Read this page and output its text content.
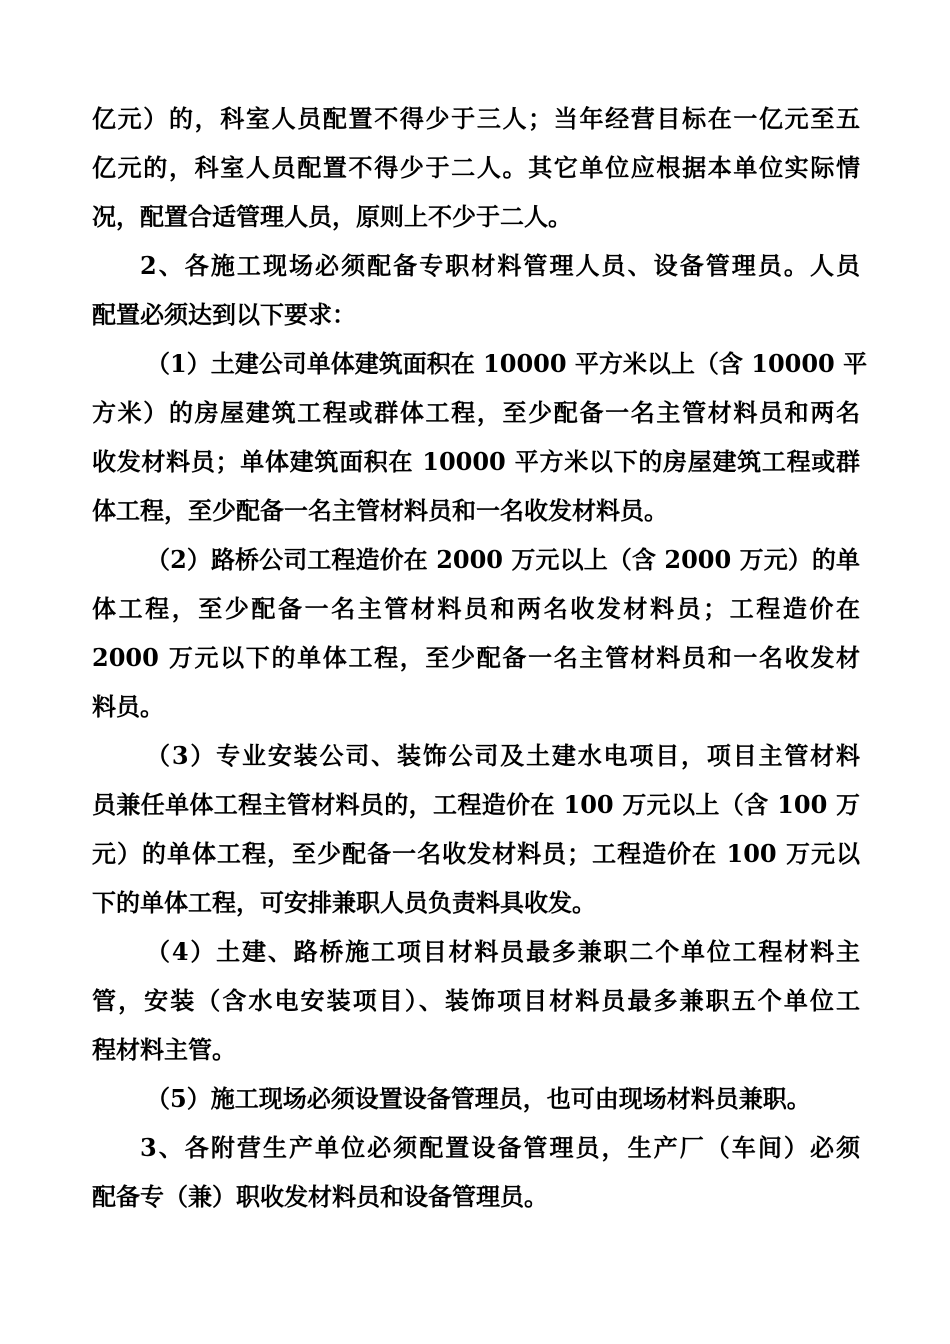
亿元）的，科室人员配置不得少于三人；当年经营目标在一亿元至五
亿元的，科室人员配置不得少于二人。其它单位应根据本单位实际情
况，配置合适管理人员，原则上不少于二人。
2、各施工现场必须配备专职材料管理人员、设备管理员。人员
配置必须达到以下要求：
（1）土建公司单体建筑面积在 10000 平方米以上（含 10000 平
方米）的房屋建筑工程或群体工程，至少配备一名主管材料员和两名
收发材料员；单体建筑面积在 10000 平方米以下的房屋建筑工程或群
体工程，至少配备一名主管材料员和一名收发材料员。
（2）路桥公司工程造价在 2000 万元以上（含 2000 万元）的单
体工程，至少配备一名主管材料员和两名收发材料员；工程造价在
2000 万元以下的单体工程，至少配备一名主管材料员和一名收发材
料员。
（3）专业安装公司、装饰公司及土建水电项目，项目主管材料
员兼任单体工程主管材料员的，工程造价在 100 万元以上（含 100 万
元）的单体工程，至少配备一名收发材料员；工程造价在 100 万元以
下的单体工程，可安排兼职人员负责料具收发。
（4）土建、路桥施工项目材料员最多兼职二个单位工程材料主
管，安装（含水电安装项目）、装饰项目材料员最多兼职五个单位工
程材料主管。
（5）施工现场必须设置设备管理员，也可由现场材料员兼职。
3、各附营生产单位必须配置设备管理员，生产厂（车间）必须
配备专（兼）职收发材料员和设备管理员。
